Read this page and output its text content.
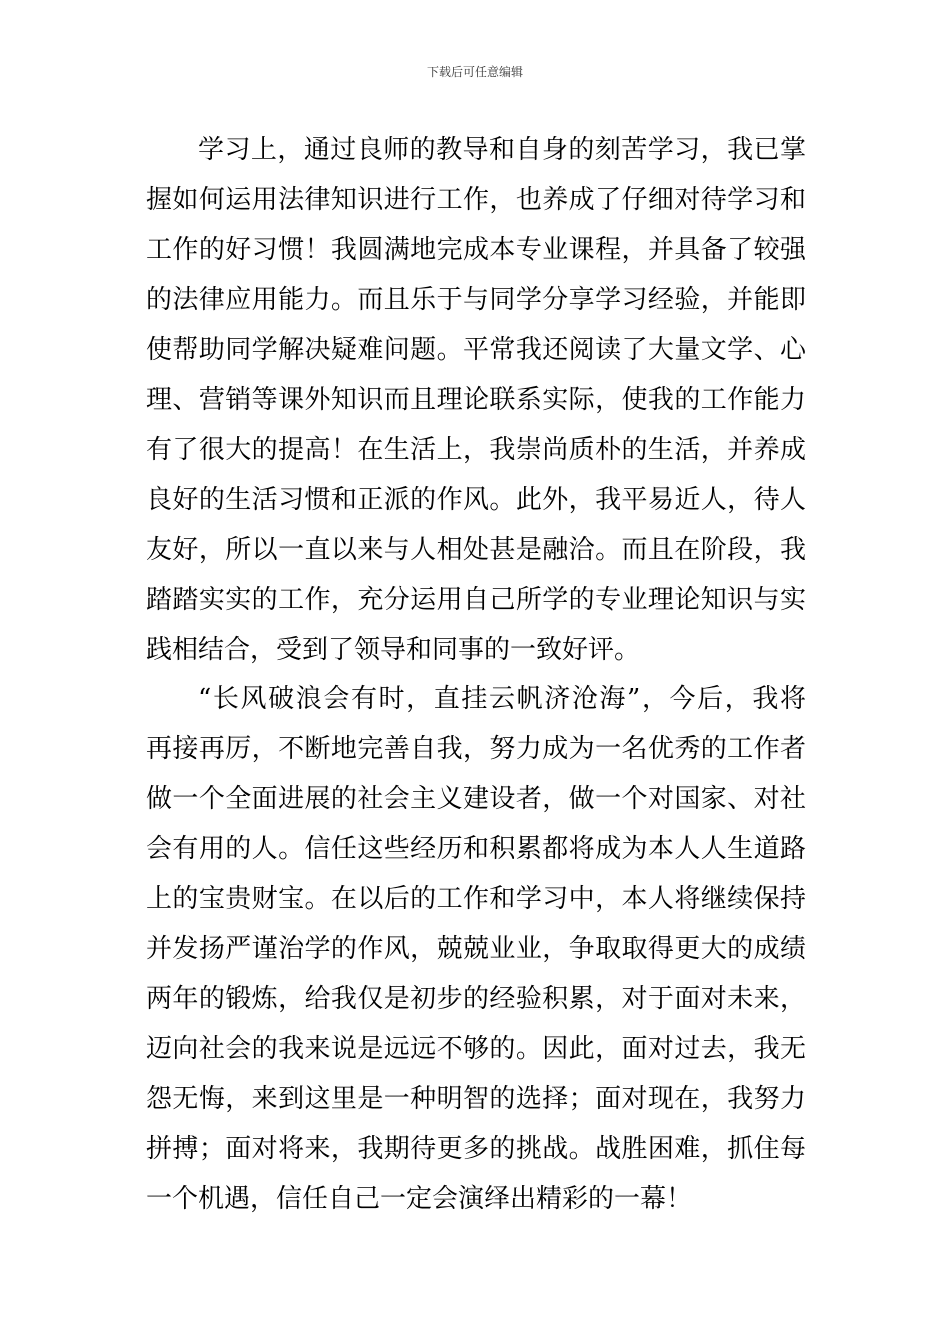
下载后可任意编辑
学习上，通过良师的教导和自身的刻苦学习，我已掌
握如何运用法律知识进行工作，也养成了仔细对待学习和
工作的好习惯！我圆满地完成本专业课程，并具备了较强
的法律应用能力。而且乐于与同学分享学习经验，并能即
使帮助同学解决疑难问题。平常我还阅读了大量文学、心
理、营销等课外知识而且理论联系实际，使我的工作能力
有了很大的提高！在生活上，我崇尚质朴的生活，并养成
良好的生活习惯和正派的作风。此外，我平易近人，待人
友好，所以一直以来与人相处甚是融洽。而且在阶段，我
踏踏实实的工作，充分运用自己所学的专业理论知识与实
践相结合，受到了领导和同事的一致好评。
“长风破浪会有时，直挂云帆济沧海”，今后，我将
再接再厉，不断地完善自我，努力成为一名优秀的工作者
做一个全面进展的社会主义建设者，做一个对国家、对社
会有用的人。信任这些经历和积累都将成为本人人生道路
上的宝贵财宝。在以后的工作和学习中，本人将继续保持
并发扬严谨治学的作风，兢兢业业，争取取得更大的成绩
两年的锻炼，给我仅是初步的经验积累，对于面对未来，
迈向社会的我来说是远远不够的。因此，面对过去，我无
怨无悔，来到这里是一种明智的选择；面对现在，我努力
拼搏；面对将来，我期待更多的挑战。战胜困难，抓住每
一个机遇，信任自己一定会演绎出精彩的一幕！
